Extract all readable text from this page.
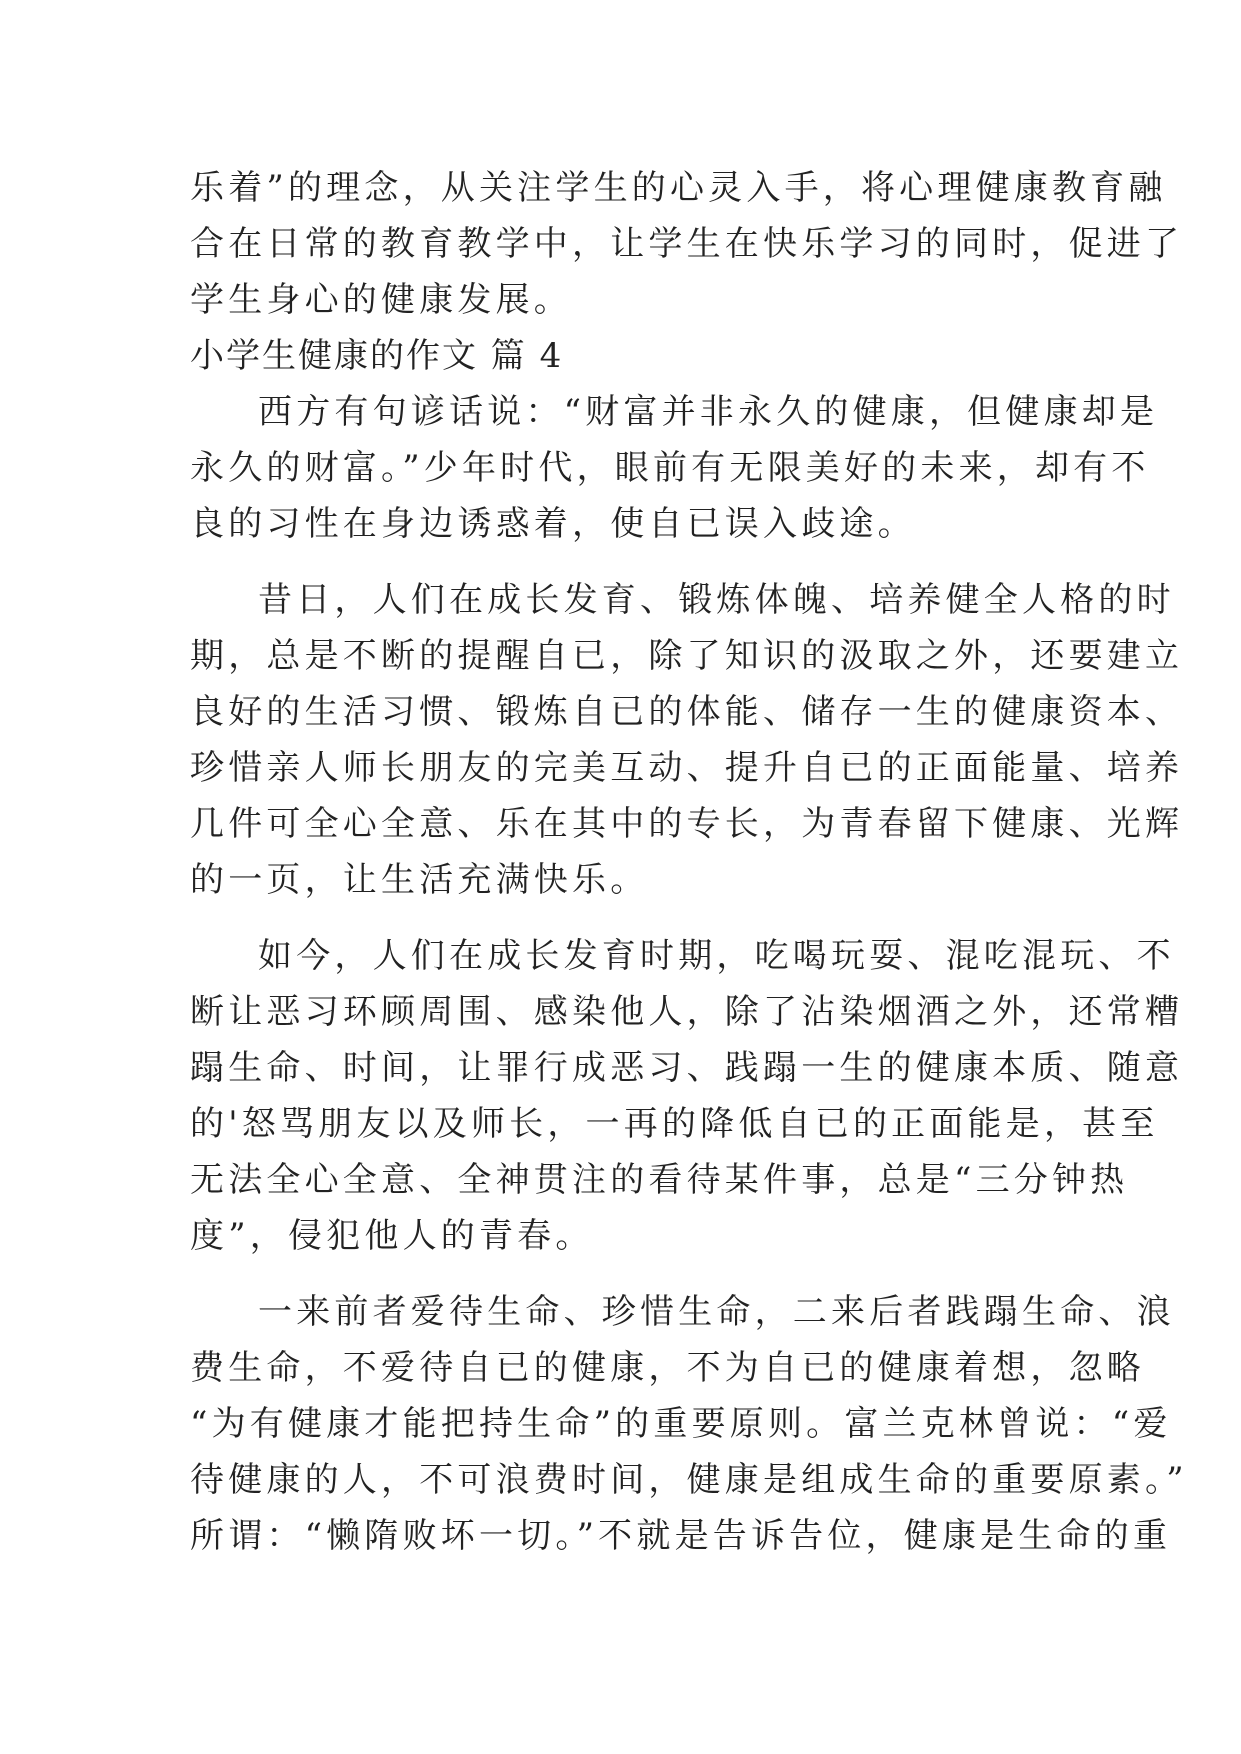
乐着”的理念，从关注学生的心灵入手，将心理健康教育融
合在日常的教育教学中，让学生在快乐学习的同时，促进了
学生身心的健康发展。
小学生健康的作文 篇 4
西方有句谚话说：“财富并非永久的健康，但健康却是
永久的财富。”少年时代，眼前有无限美好的未来，却有不
良的习性在身边诱惑着，使自已误入歧途。
昔日，人们在成长发育、锻炼体魄、培养健全人格的时
期，总是不断的提醒自已，除了知识的汲取之外，还要建立
良好的生活习惯、锻炼自已的体能、储存一生的健康资本、
珍惜亲人师长朋友的完美互动、提升自已的正面能量、培养
几件可全心全意、乐在其中的专长，为青春留下健康、光辉
的一页，让生活充满快乐。
如今，人们在成长发育时期，吃喝玩耍、混吃混玩、不
断让恶习环顾周围、感染他人，除了沾染烟酒之外，还常糟
蹋生命、时间，让罪行成恶习、践蹋一生的健康本质、随意
的'怒骂朋友以及师长，一再的降低自已的正面能是，甚至
无法全心全意、全神贯注的看待某件事，总是“三分钟热
度”，侵犯他人的青春。
一来前者爱待生命、珍惜生命，二来后者践蹋生命、浪
费生命，不爱待自已的健康，不为自已的健康着想，忽略
“为有健康才能把持生命”的重要原则。富兰克林曾说：“爱
待健康的人，不可浪费时间，健康是组成生命的重要原素。”
所谓：“懒隋败坏一切。”不就是告诉告位，健康是生命的重
